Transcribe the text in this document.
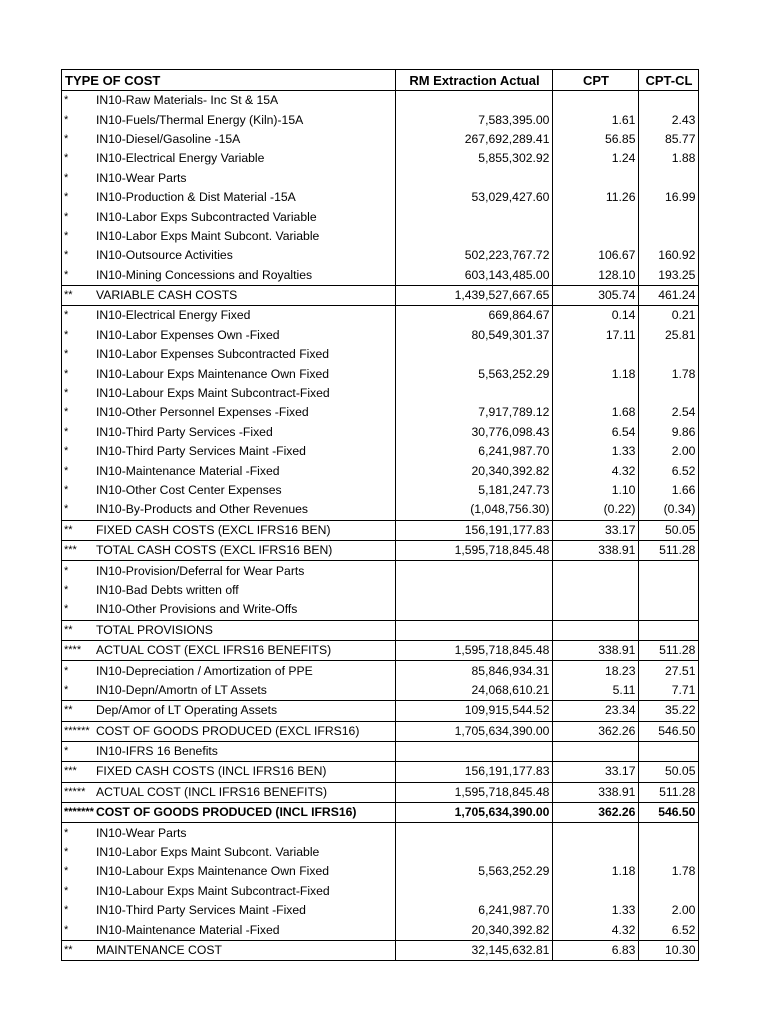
TYPE OF COST		RM Extraction Actual	CPT	CPT-CL
*	IN10-Raw Materials- Inc St & 15A			
*	IN10-Fuels/Thermal Energy (Kiln)-15A	7,583,395.00	1.61	2.43
*	IN10-Diesel/Gasoline -15A	267,692,289.41	56.85	85.77
*	IN10-Electrical Energy Variable	5,855,302.92	1.24	1.88
*	IN10-Wear Parts			
*	IN10-Production & Dist Material -15A	53,029,427.60	11.26	16.99
*	IN10-Labor Exps Subcontracted Variable			
*	IN10-Labor Exps Maint Subcont. Variable			
*	IN10-Outsource Activities	502,223,767.72	106.67	160.92
*	IN10-Mining Concessions and Royalties	603,143,485.00	128.10	193.25
**	VARIABLE CASH COSTS	1,439,527,667.65	305.74	461.24
*	IN10-Electrical Energy Fixed	669,864.67	0.14	0.21
*	IN10-Labor Expenses Own -Fixed	80,549,301.37	17.11	25.81
*	IN10-Labor Expenses Subcontracted Fixed			
*	IN10-Labour Exps Maintenance Own Fixed	5,563,252.29	1.18	1.78
*	IN10-Labour Exps Maint Subcontract-Fixed			
*	IN10-Other Personnel Expenses -Fixed	7,917,789.12	1.68	2.54
*	IN10-Third Party Services -Fixed	30,776,098.43	6.54	9.86
*	IN10-Third Party Services Maint -Fixed	6,241,987.70	1.33	2.00
*	IN10-Maintenance Material -Fixed	20,340,392.82	4.32	6.52
*	IN10-Other Cost Center Expenses	5,181,247.73	1.10	1.66
*	IN10-By-Products and Other Revenues	(1,048,756.30)	(0.22)	(0.34)
**	FIXED CASH COSTS (EXCL IFRS16 BEN)	156,191,177.83	33.17	50.05
***	TOTAL CASH COSTS (EXCL IFRS16 BEN)	1,595,718,845.48	338.91	511.28
*	IN10-Provision/Deferral for Wear Parts			
*	IN10-Bad Debts written off			
*	IN10-Other Provisions and Write-Offs			
**	TOTAL PROVISIONS			
****	ACTUAL COST (EXCL IFRS16 BENEFITS)	1,595,718,845.48	338.91	511.28
*	IN10-Depreciation / Amortization of PPE	85,846,934.31	18.23	27.51
*	IN10-Depn/Amortn of LT Assets	24,068,610.21	5.11	7.71
**	Dep/Amor of LT Operating Assets	109,915,544.52	23.34	35.22
******	COST OF GOODS PRODUCED (EXCL IFRS16)	1,705,634,390.00	362.26	546.50
*	IN10-IFRS 16 Benefits			
***	FIXED CASH COSTS (INCL IFRS16 BEN)	156,191,177.83	33.17	50.05
*****	ACTUAL COST (INCL IFRS16 BENEFITS)	1,595,718,845.48	338.91	511.28
*******	COST OF GOODS PRODUCED (INCL IFRS16)	1,705,634,390.00	362.26	546.50
*	IN10-Wear Parts			
*	IN10-Labor Exps Maint Subcont. Variable			
*	IN10-Labour Exps Maintenance Own Fixed	5,563,252.29	1.18	1.78
*	IN10-Labour Exps Maint Subcontract-Fixed			
*	IN10-Third Party Services Maint -Fixed	6,241,987.70	1.33	2.00
*	IN10-Maintenance Material -Fixed	20,340,392.82	4.32	6.52
**	MAINTENANCE COST	32,145,632.81	6.83	10.30
